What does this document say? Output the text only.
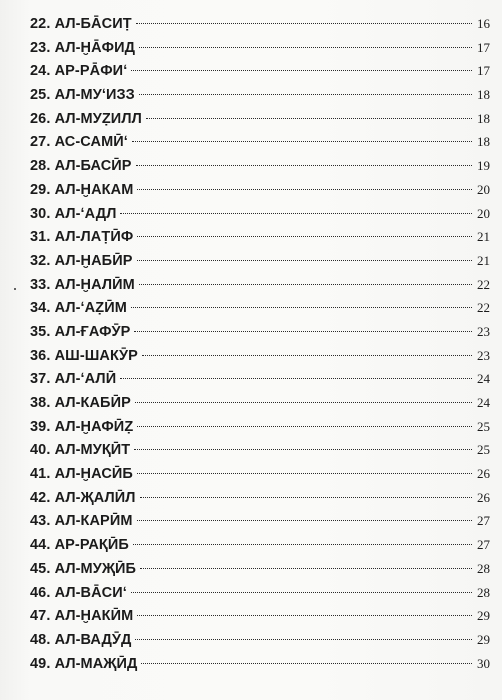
22. АЛ-БĀСИṬ	16
23. АЛ-ḪĀФИД	17
24. АР-РĀФИʻ	17
25. АЛ-МУʻИЗЗ	18
26. АЛ-МУẒИЛЛ	18
27. АС-САМӢʻ	18
28. АЛ-БАСӢР	19
29. АЛ-ḪАКАМ	20
30. АЛ-ʻАДЛ	20
31. АЛ-ЛАṬӢФ	21
32. АЛ-ḪАБӢР	21
33. АЛ-ḪАЛӢМ	22
34. АЛ-ʻАẒӢМ	22
35. АЛ-ҒАФӮР	23
36. АШ-ШАКӮР	23
37. АЛ-ʻАЛӢ	24
38. АЛ-КАБӢР	24
39. АЛ-ḪАФӢẒ	25
40. АЛ-МУҚӢТ	25
41. АЛ-ḪАСӢБ	26
42. АЛ-ҖАЛӢЛ	26
43. АЛ-КАРӢМ	27
44. АР-РАҚӢБ	27
45. АЛ-МУҖӢБ	28
46. АЛ-ВĀСИʻ	28
47. АЛ-ḪАКӢМ	29
48. АЛ-ВАДӮД	29
49. АЛ-МАҖӢД	30
